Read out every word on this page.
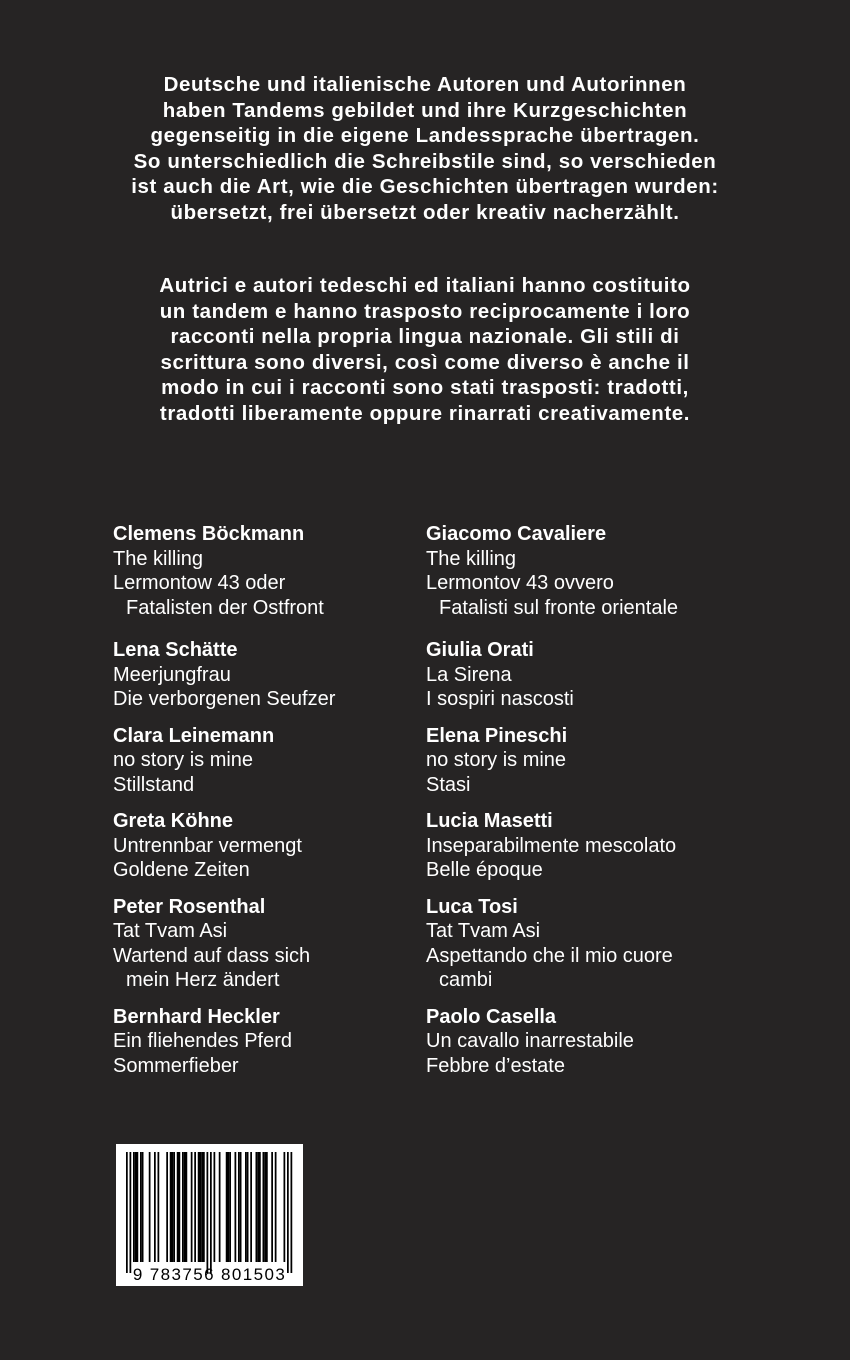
Deutsche und italienische Autoren und Autorinnen
haben Tandems gebildet und ihre Kurzgeschichten
gegenseitig in die eigene Landessprache übertragen.
So unterschiedlich die Schreibstile sind, so verschieden
ist auch die Art, wie die Geschichten übertragen wurden:
übersetzt, frei übersetzt oder kreativ nacherzählt.
Autrici e autori tedeschi ed italiani hanno costituito
un tandem e hanno trasposto reciprocamente i loro
racconti nella propria lingua nazionale. Gli stili di
scrittura sono diversi, così come diverso è anche il
modo in cui i racconti sono stati trasposti: tradotti,
tradotti liberamente oppure rinarrati creativamente.
Clemens Böckmann
The killing
Lermontow 43 oder
Fatalisten der Ostfront
Lena Schätte
Meerjungfrau
Die verborgenen Seufzer
Clara Leinemann
no story is mine
Stillstand
Greta Köhne
Untrennbar vermengt
Goldene Zeiten
Peter Rosenthal
Tat Tvam Asi
Wartend auf dass sich
mein Herz ändert
Bernhard Heckler
Ein fliehendes Pferd
Sommerfieber
Giacomo Cavaliere
The killing
Lermontov 43 ovvero
Fatalisti sul fronte orientale
Giulia Orati
La Sirena
I sospiri nascosti
Elena Pineschi
no story is mine
Stasi
Lucia Masetti
Inseparabilmente mescolato
Belle époque
Luca Tosi
Tat Tvam Asi
Aspettando che il mio cuore
cambi
Paolo Casella
Un cavallo inarrestabile
Febbre d’estate
9 783756 801503
